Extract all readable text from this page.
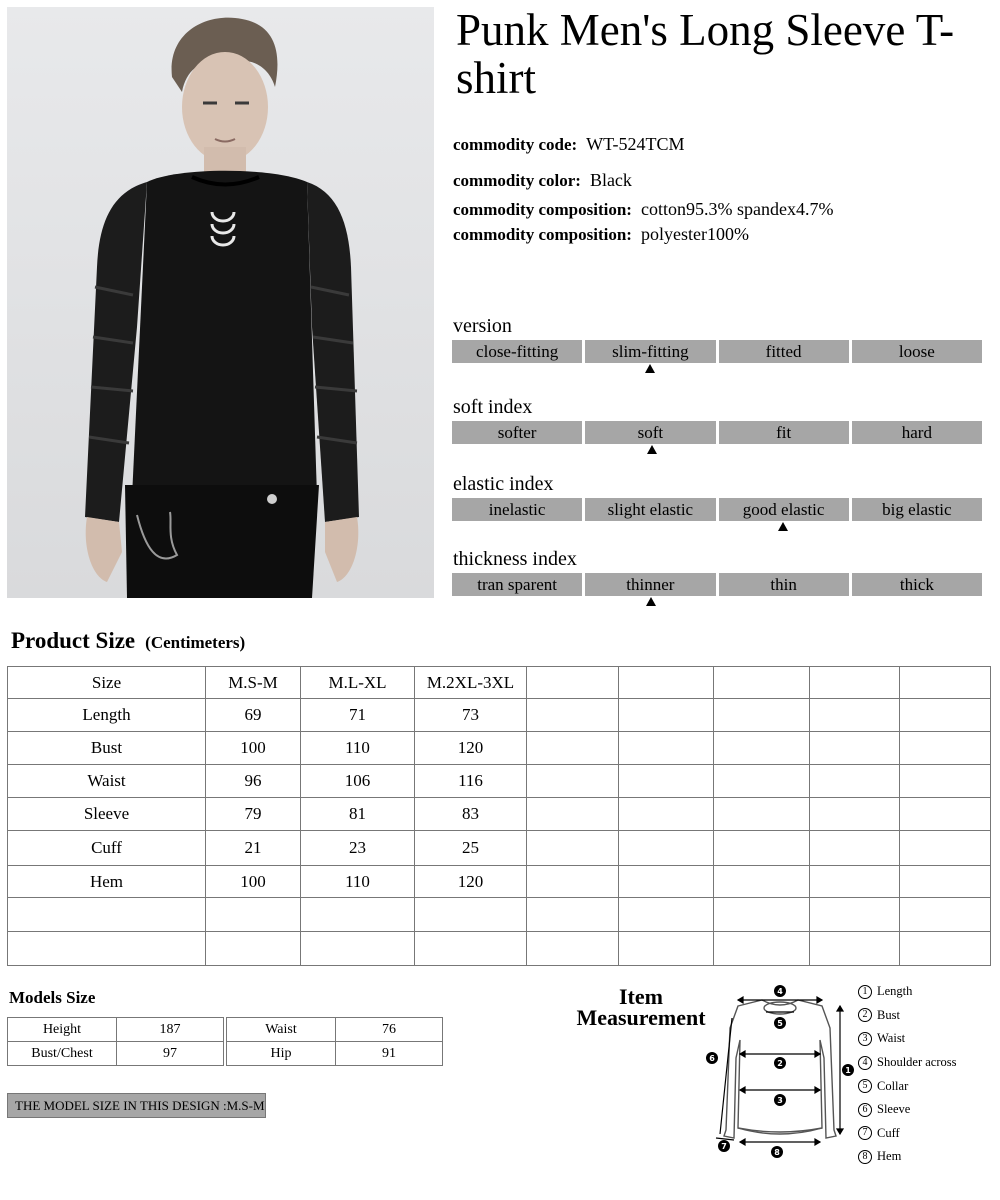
Punk Men's Long Sleeve T-shirt
commodity code: WT-524TCM
commodity color: Black
commodity composition: cotton95.3% spandex4.7%
commodity composition: polyester100%
version
close-fitting	slim-fitting	fitted	loose
soft index
softer	soft	fit	hard
elastic index
inelastic	slight elastic	good elastic	big elastic
thickness index
tran sparent	thinner	thin	thick
Product Size (Centimeters)
Size	M.S-M	M.L-XL	M.2XL-3XL					
Length	69	71	73					
Bust	100	110	120					
Waist	96	106	116					
Sleeve	79	81	83					
Cuff	21	23	25					
Hem	100	110	120					

Models Size
Height	187
Bust/Chest	97
Waist	76
Hip	91
THE MODEL SIZE IN THIS DESIGN :M.S-M
Item
Measurement
4
5
2
3
1
6
7
8
1 Length
2 Bust
3 Waist
4 Shoulder across
5 Collar
6 Sleeve
7 Cuff
8 Hem
